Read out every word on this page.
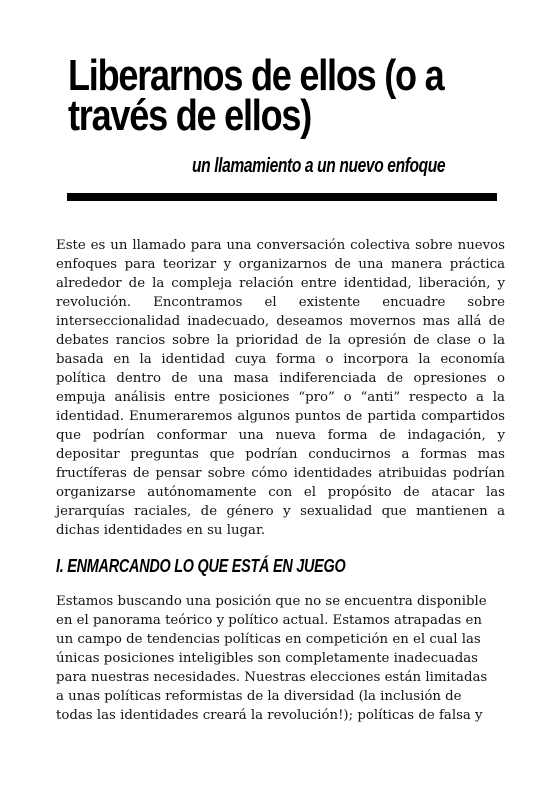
Liberarnos de ellos (o a través de ellos)
un llamamiento a un nuevo enfoque

Este es un llamado para una conversación colectiva sobre nuevos enfoques para teorizar y organizarnos de una manera práctica alrededor de la compleja relación entre identidad, liberación, y revolución. Encontramos el existente encuadre sobre interseccionalidad inadecuado, deseamos movernos mas allá de debates rancios sobre la prioridad de la opresión de clase o la basada en la identidad cuya forma o incorpora la economía política dentro de una masa indiferenciada de opresiones o empuja análisis entre posiciones “pro” o “anti” respecto a la identidad. Enumeraremos algunos puntos de partida compartidos que podrían conformar una nueva forma de indagación, y depositar preguntas que podrían conducirnos a formas mas fructíferas de pensar sobre cómo identidades atribuidas podrían organizarse autónomamente con el propósito de atacar las jerarquías raciales, de género y sexualidad que mantienen a dichas identidades en su lugar.

I. ENMARCANDO LO QUE ESTÁ EN JUEGO

Estamos buscando una posición que no se encuentra disponible en el panorama teórico y político actual. Estamos atrapadas en un campo de tendencias políticas en competición en el cual las únicas posiciones inteligibles son completamente inadecuadas para nuestras necesidades. Nuestras elecciones están limitadas a unas políticas reformistas de la diversidad (la inclusión de todas las identidades creará la revolución!); políticas de falsa y
